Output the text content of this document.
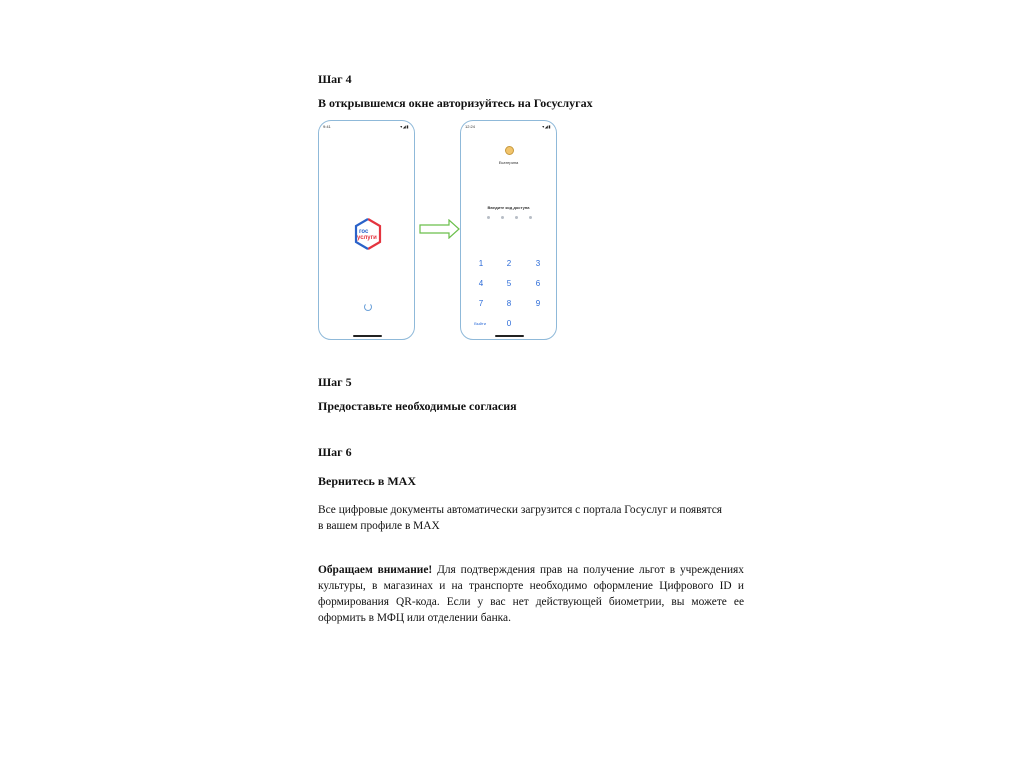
Шаг 4
В открывшемся окне авторизуйтесь на Госуслугах
9:41	▾◢▮
гос
услуги
12:24	▾◢▮
Екатерина
Введите код доступа
1	2	3
4	5	6
7	8	9
Выйти	0
Шаг 5
Предоставьте необходимые согласия
Шаг 6
Вернитесь в MAX
Все цифровые документы автоматически загрузится с портала Госуслуг и появятся в вашем профиле в MAX
Обращаем внимание! Для подтверждения прав на получение льгот в учреждениях культуры, в магазинах и на транспорте необходимо оформление Цифрового ID и формирования QR-кода. Если у вас нет действующей биометрии, вы можете ее оформить в МФЦ или отделении банка.
